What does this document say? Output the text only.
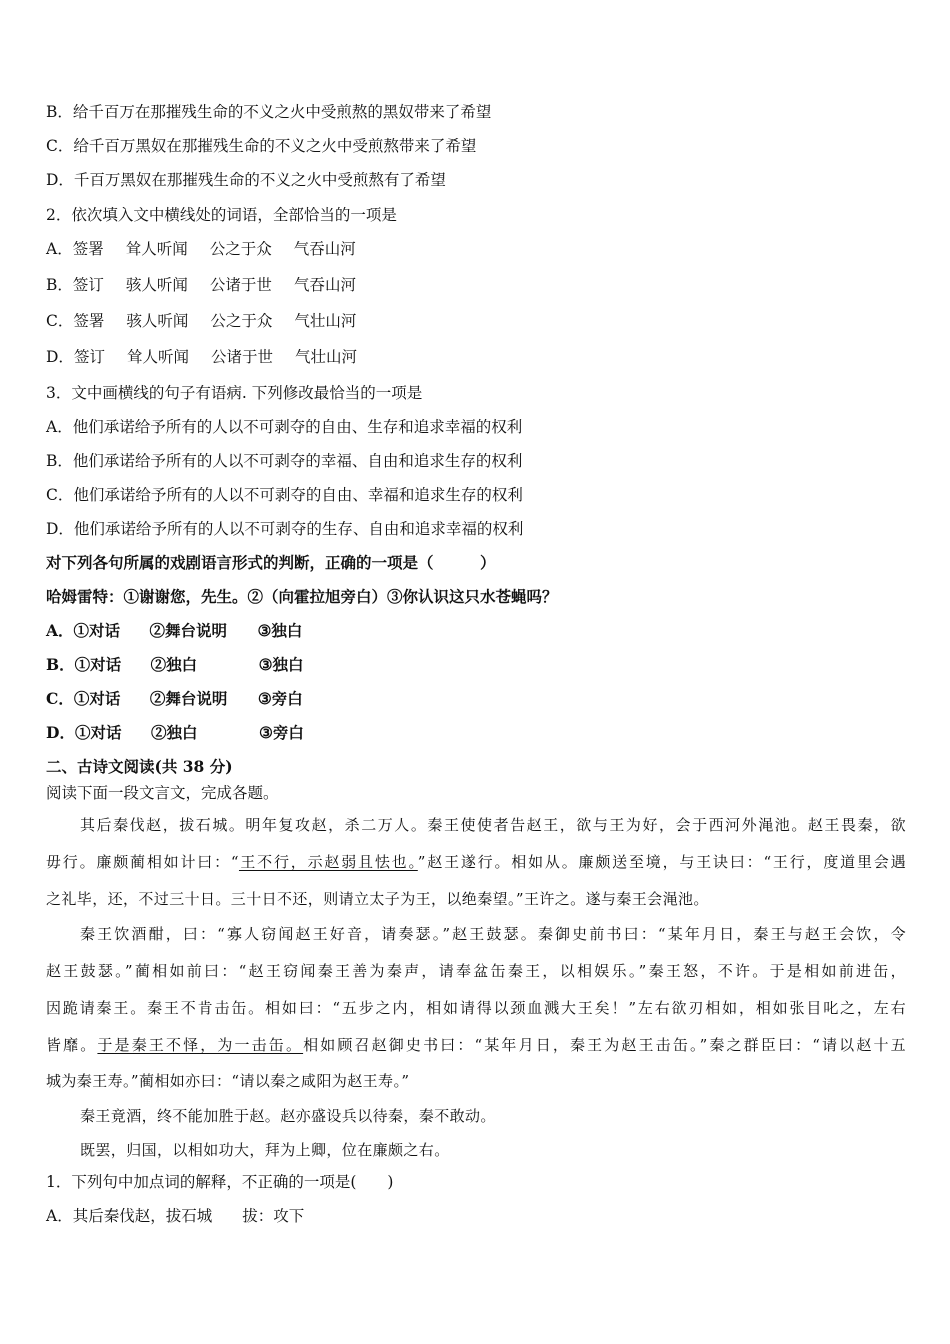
B．给千百万在那摧残生命的不义之火中受煎熬的黑奴带来了希望
C．给千百万黑奴在那摧残生命的不义之火中受煎熬带来了希望
D．千百万黑奴在那摧残生命的不义之火中受煎熬有了希望
2．依次填入文中横线处的词语，全部恰当的一项是
A．签署 耸人听闻 公之于众 气吞山河
B．签订 骇人听闻 公诸于世 气吞山河
C．签署 骇人听闻 公之于众 气壮山河
D．签订 耸人听闻 公诸于世 气壮山河
3．文中画横线的句子有语病. 下列修改最恰当的一项是
A．他们承诺给予所有的人以不可剥夺的自由、生存和追求幸福的权利
B．他们承诺给予所有的人以不可剥夺的幸福、自由和追求生存的权利
C．他们承诺给予所有的人以不可剥夺的自由、幸福和追求生存的权利
D．他们承诺给予所有的人以不可剥夺的生存、自由和追求幸福的权利
对下列各句所属的戏剧语言形式的判断，正确的一项是（　　　）
哈姆雷特：①谢谢您，先生。②（向霍拉旭旁白）③你认识这只水苍蝇吗？
A．①对话 ②舞台说明 ③独白
B．①对话 ②独白	③独白
C．①对话 ②舞台说明 ③旁白
D．①对话 ②独白	③旁白
二、古诗文阅读(共 38 分)
阅读下面一段文言文，完成各题。
其后秦伐赵，拔石城。明年复攻赵，杀二万人。秦王使使者告赵王，欲与王为好，会于西河外渑池。赵王畏秦，欲
毋行。廉颇蔺相如计曰：“王不行，示赵弱且怯也。”赵王遂行。相如从。廉颇送至境，与王诀曰：“王行，度道里会遇
之礼毕，还，不过三十日。三十日不还，则请立太子为王，以绝秦望。”王许之。遂与秦王会渑池。
秦王饮酒酣，曰：“寡人窃闻赵王好音，请奏瑟。”赵王鼓瑟。秦御史前书曰：“某年月日，秦王与赵王会饮，令
赵王鼓瑟。”蔺相如前曰：“赵王窃闻秦王善为秦声，请奉盆缶秦王，以相娱乐。”秦王怒，不许。于是相如前进缶，
因跪请秦王。秦王不肯击缶。相如曰：“五步之内，相如请得以颈血溅大王矣！”左右欲刃相如，相如张目叱之，左右
皆靡。于是秦王不怿，为一击缶。相如顾召赵御史书曰：“某年月日，秦王为赵王击缶。”秦之群臣曰：“请以赵十五
城为秦王寿。”蔺相如亦曰：“请以秦之咸阳为赵王寿。”
秦王竟酒，终不能加胜于赵。赵亦盛设兵以待秦，秦不敢动。
既罢，归国，以相如功大，拜为上卿，位在廉颇之右。
1．下列句中加点词的解释，不正确的一项是(　　)
A．其后秦伐赵，拔石城 拔：攻下
